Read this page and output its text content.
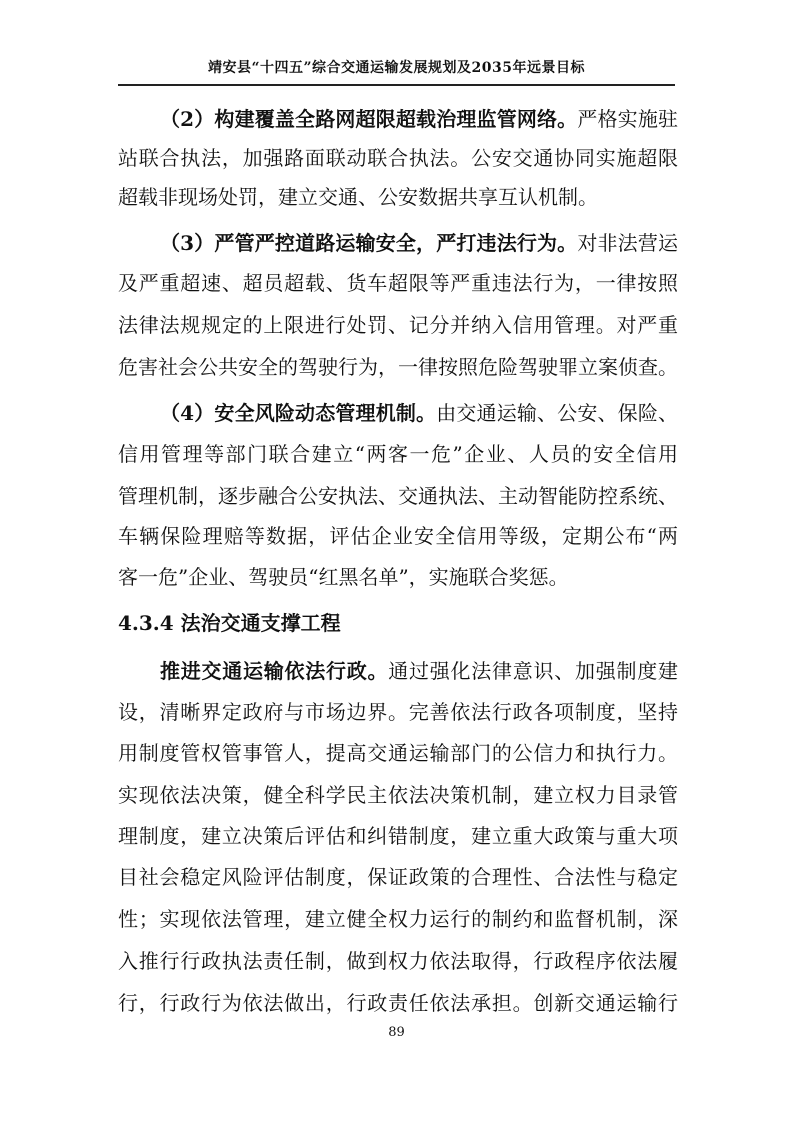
靖安县“十四五”综合交通运输发展规划及2035年远景目标
（2）构建覆盖全路网超限超载治理监管网络。严格实施驻
站联合执法，加强路面联动联合执法。公安交通协同实施超限
超载非现场处罚，建立交通、公安数据共享互认机制。
（3）严管严控道路运输安全，严打违法行为。对非法营运
及严重超速、超员超载、货车超限等严重违法行为，一律按照
法律法规规定的上限进行处罚、记分并纳入信用管理。对严重
危害社会公共安全的驾驶行为，一律按照危险驾驶罪立案侦查。
（4）安全风险动态管理机制。由交通运输、公安、保险、
信用管理等部门联合建立“两客一危”企业、人员的安全信用
管理机制，逐步融合公安执法、交通执法、主动智能防控系统、
车辆保险理赔等数据，评估企业安全信用等级，定期公布“两
客一危”企业、驾驶员“红黑名单”，实施联合奖惩。
4.3.4 法治交通支撑工程
推进交通运输依法行政。通过强化法律意识、加强制度建
设，清晰界定政府与市场边界。完善依法行政各项制度，坚持
用制度管权管事管人，提高交通运输部门的公信力和执行力。
实现依法决策，健全科学民主依法决策机制，建立权力目录管
理制度，建立决策后评估和纠错制度，建立重大政策与重大项
目社会稳定风险评估制度，保证政策的合理性、合法性与稳定
性；实现依法管理，建立健全权力运行的制约和监督机制，深
入推行行政执法责任制，做到权力依法取得，行政程序依法履
行，行政行为依法做出，行政责任依法承担。创新交通运输行
89
